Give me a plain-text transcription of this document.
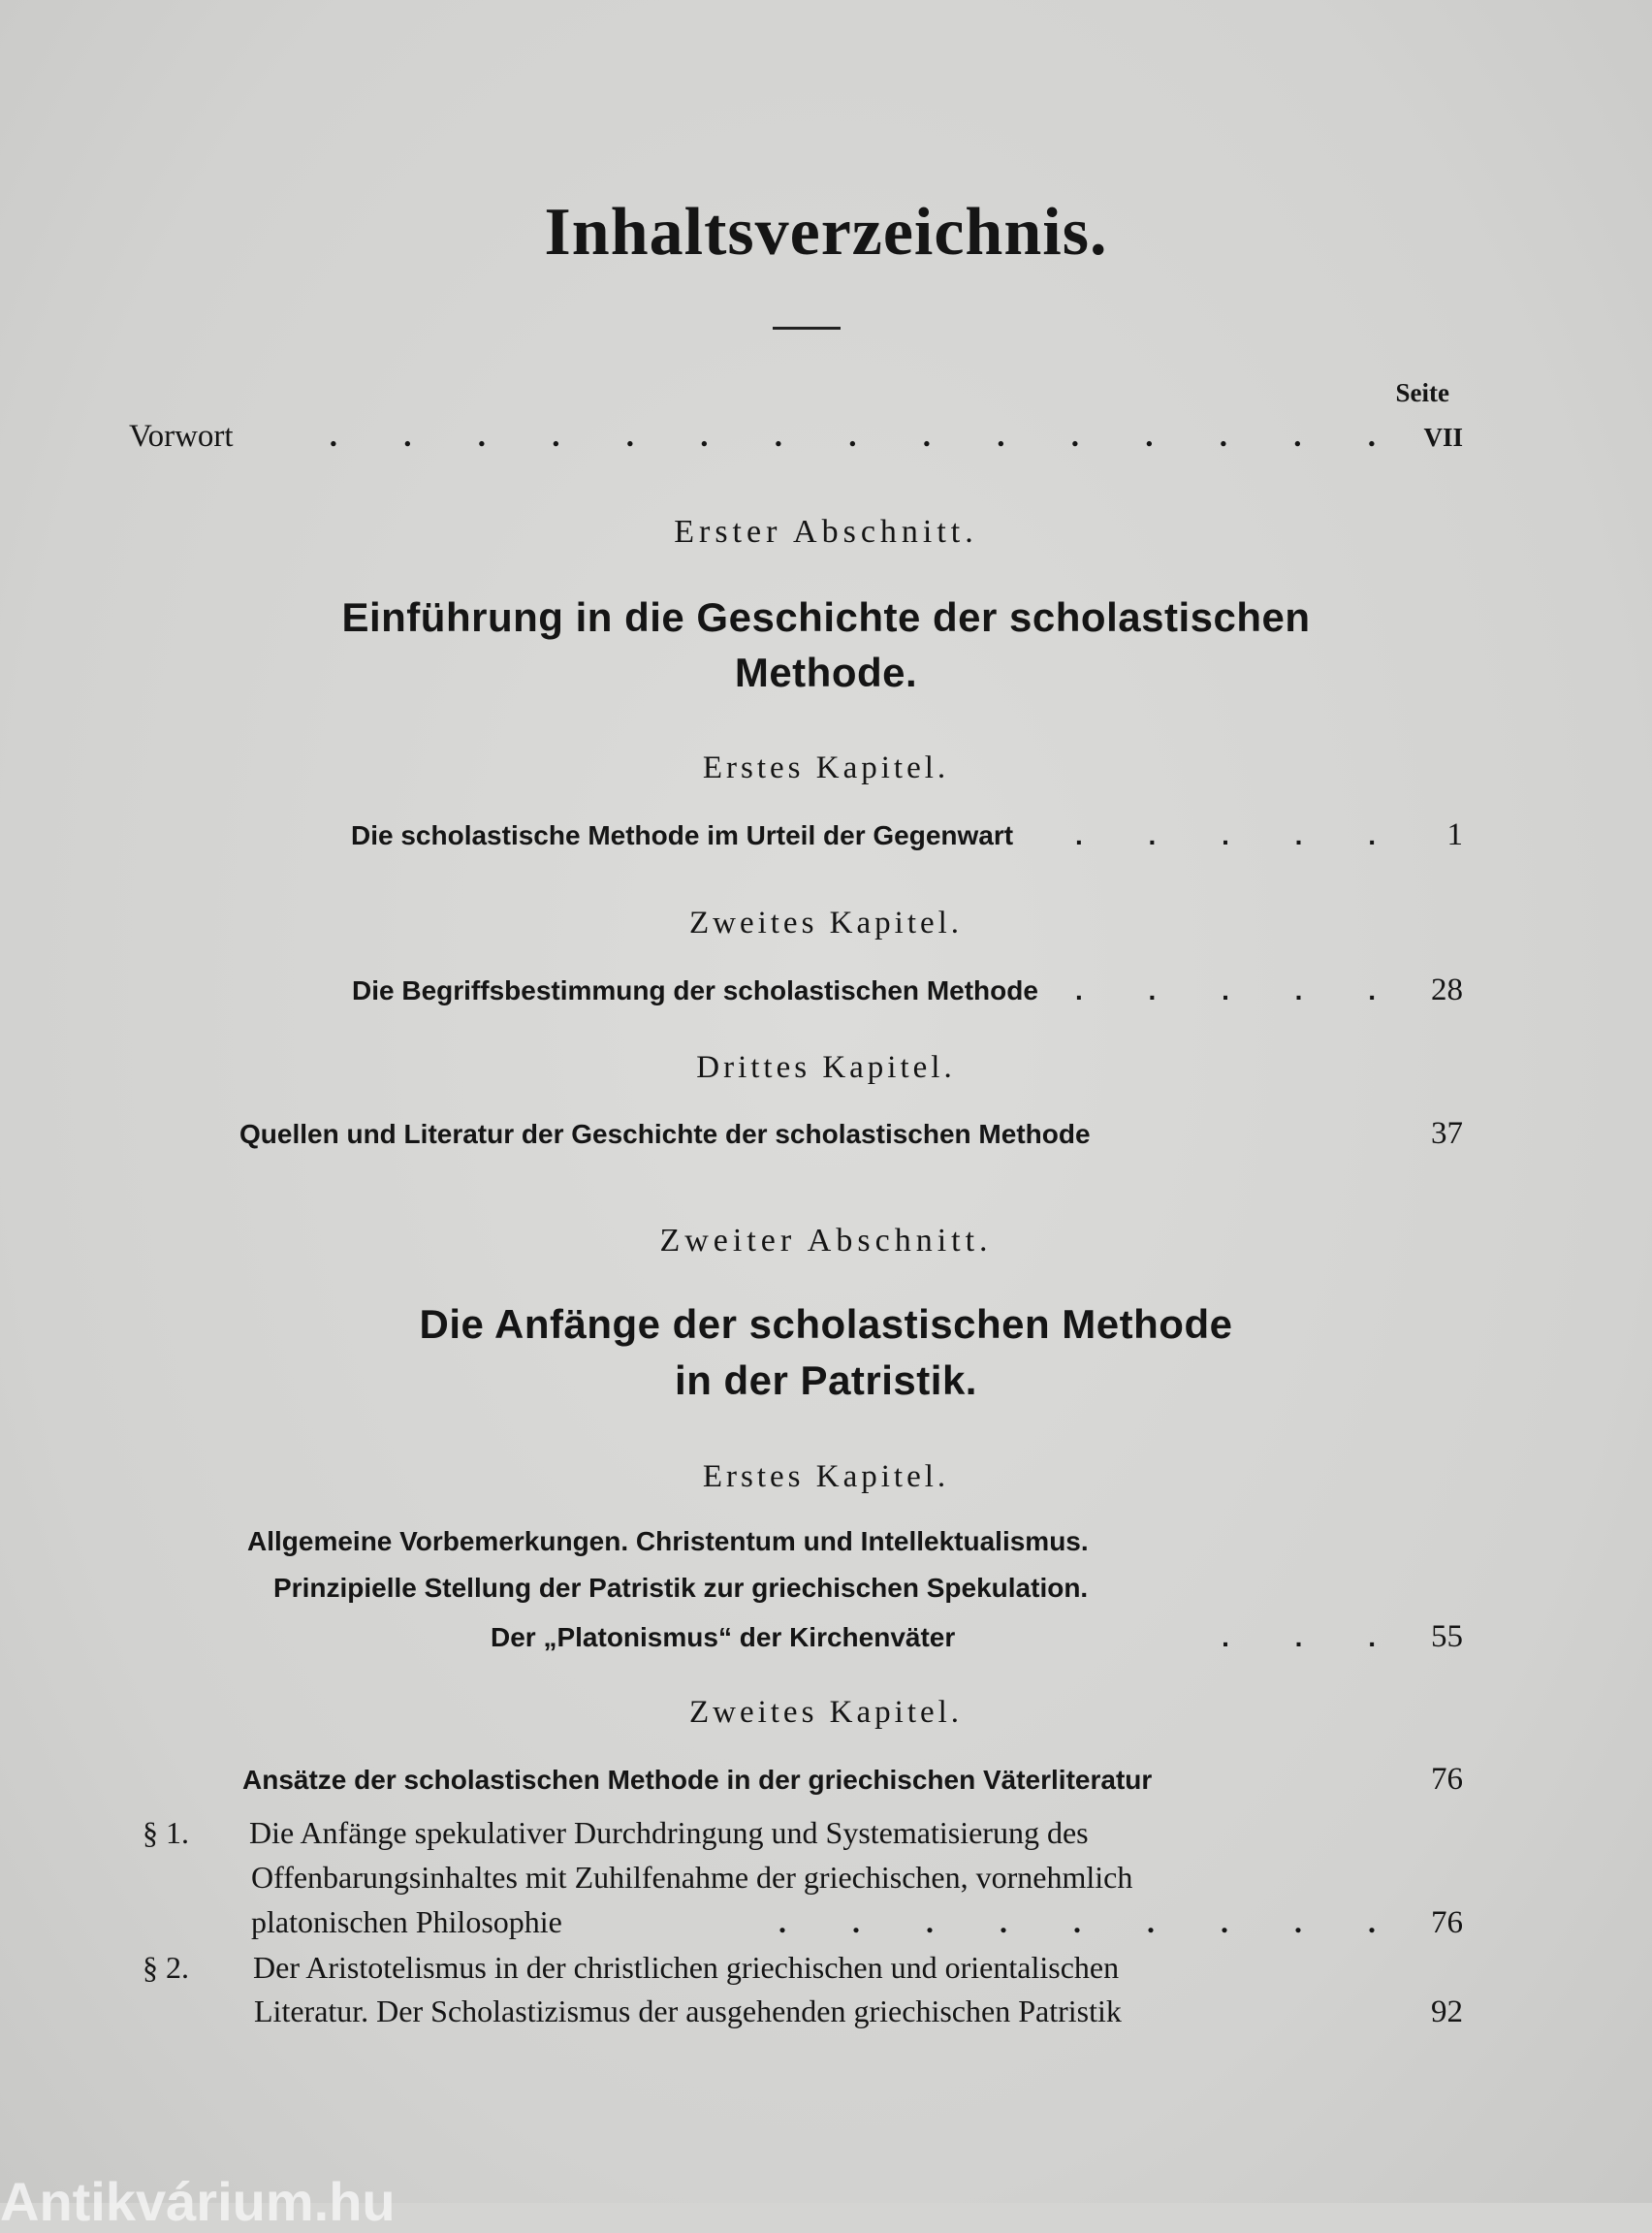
Inhaltsverzeichnis.
Seite
Vorwort	. . . . . . . . . . . . . . . VII
Erster Abschnitt.
Einführung in die Geschichte der scholastischen
Methode.
Erstes Kapitel.
Die scholastische Methode im Urteil der Gegenwart	. . . . .	1
Zweites Kapitel.
Die Begriffsbestimmung der scholastischen Methode	. . . . . 28
Drittes Kapitel.
Quellen und Literatur der Geschichte der scholastischen Methode	37
Zweiter Abschnitt.
Die Anfänge der scholastischen Methode
in der Patristik.
Erstes Kapitel.
Allgemeine Vorbemerkungen. Christentum und Intellektualismus.
Prinzipielle Stellung der Patristik zur griechischen Spekulation.
Der „Platonismus“ der Kirchenväter	. . . 55
Zweites Kapitel.
Ansätze der scholastischen Methode in der griechischen Väterliteratur	76
§ 1. Die Anfänge spekulativer Durchdringung und Systematisierung des
Offenbarungsinhaltes mit Zuhilfenahme der griechischen, vornehmlich
platonischen Philosophie	. . . . . . . . . 76
§ 2. Der Aristotelismus in der christlichen griechischen und orientalischen
Literatur. Der Scholastizismus der ausgehenden griechischen Patristik	92
Antikvárium.hu
